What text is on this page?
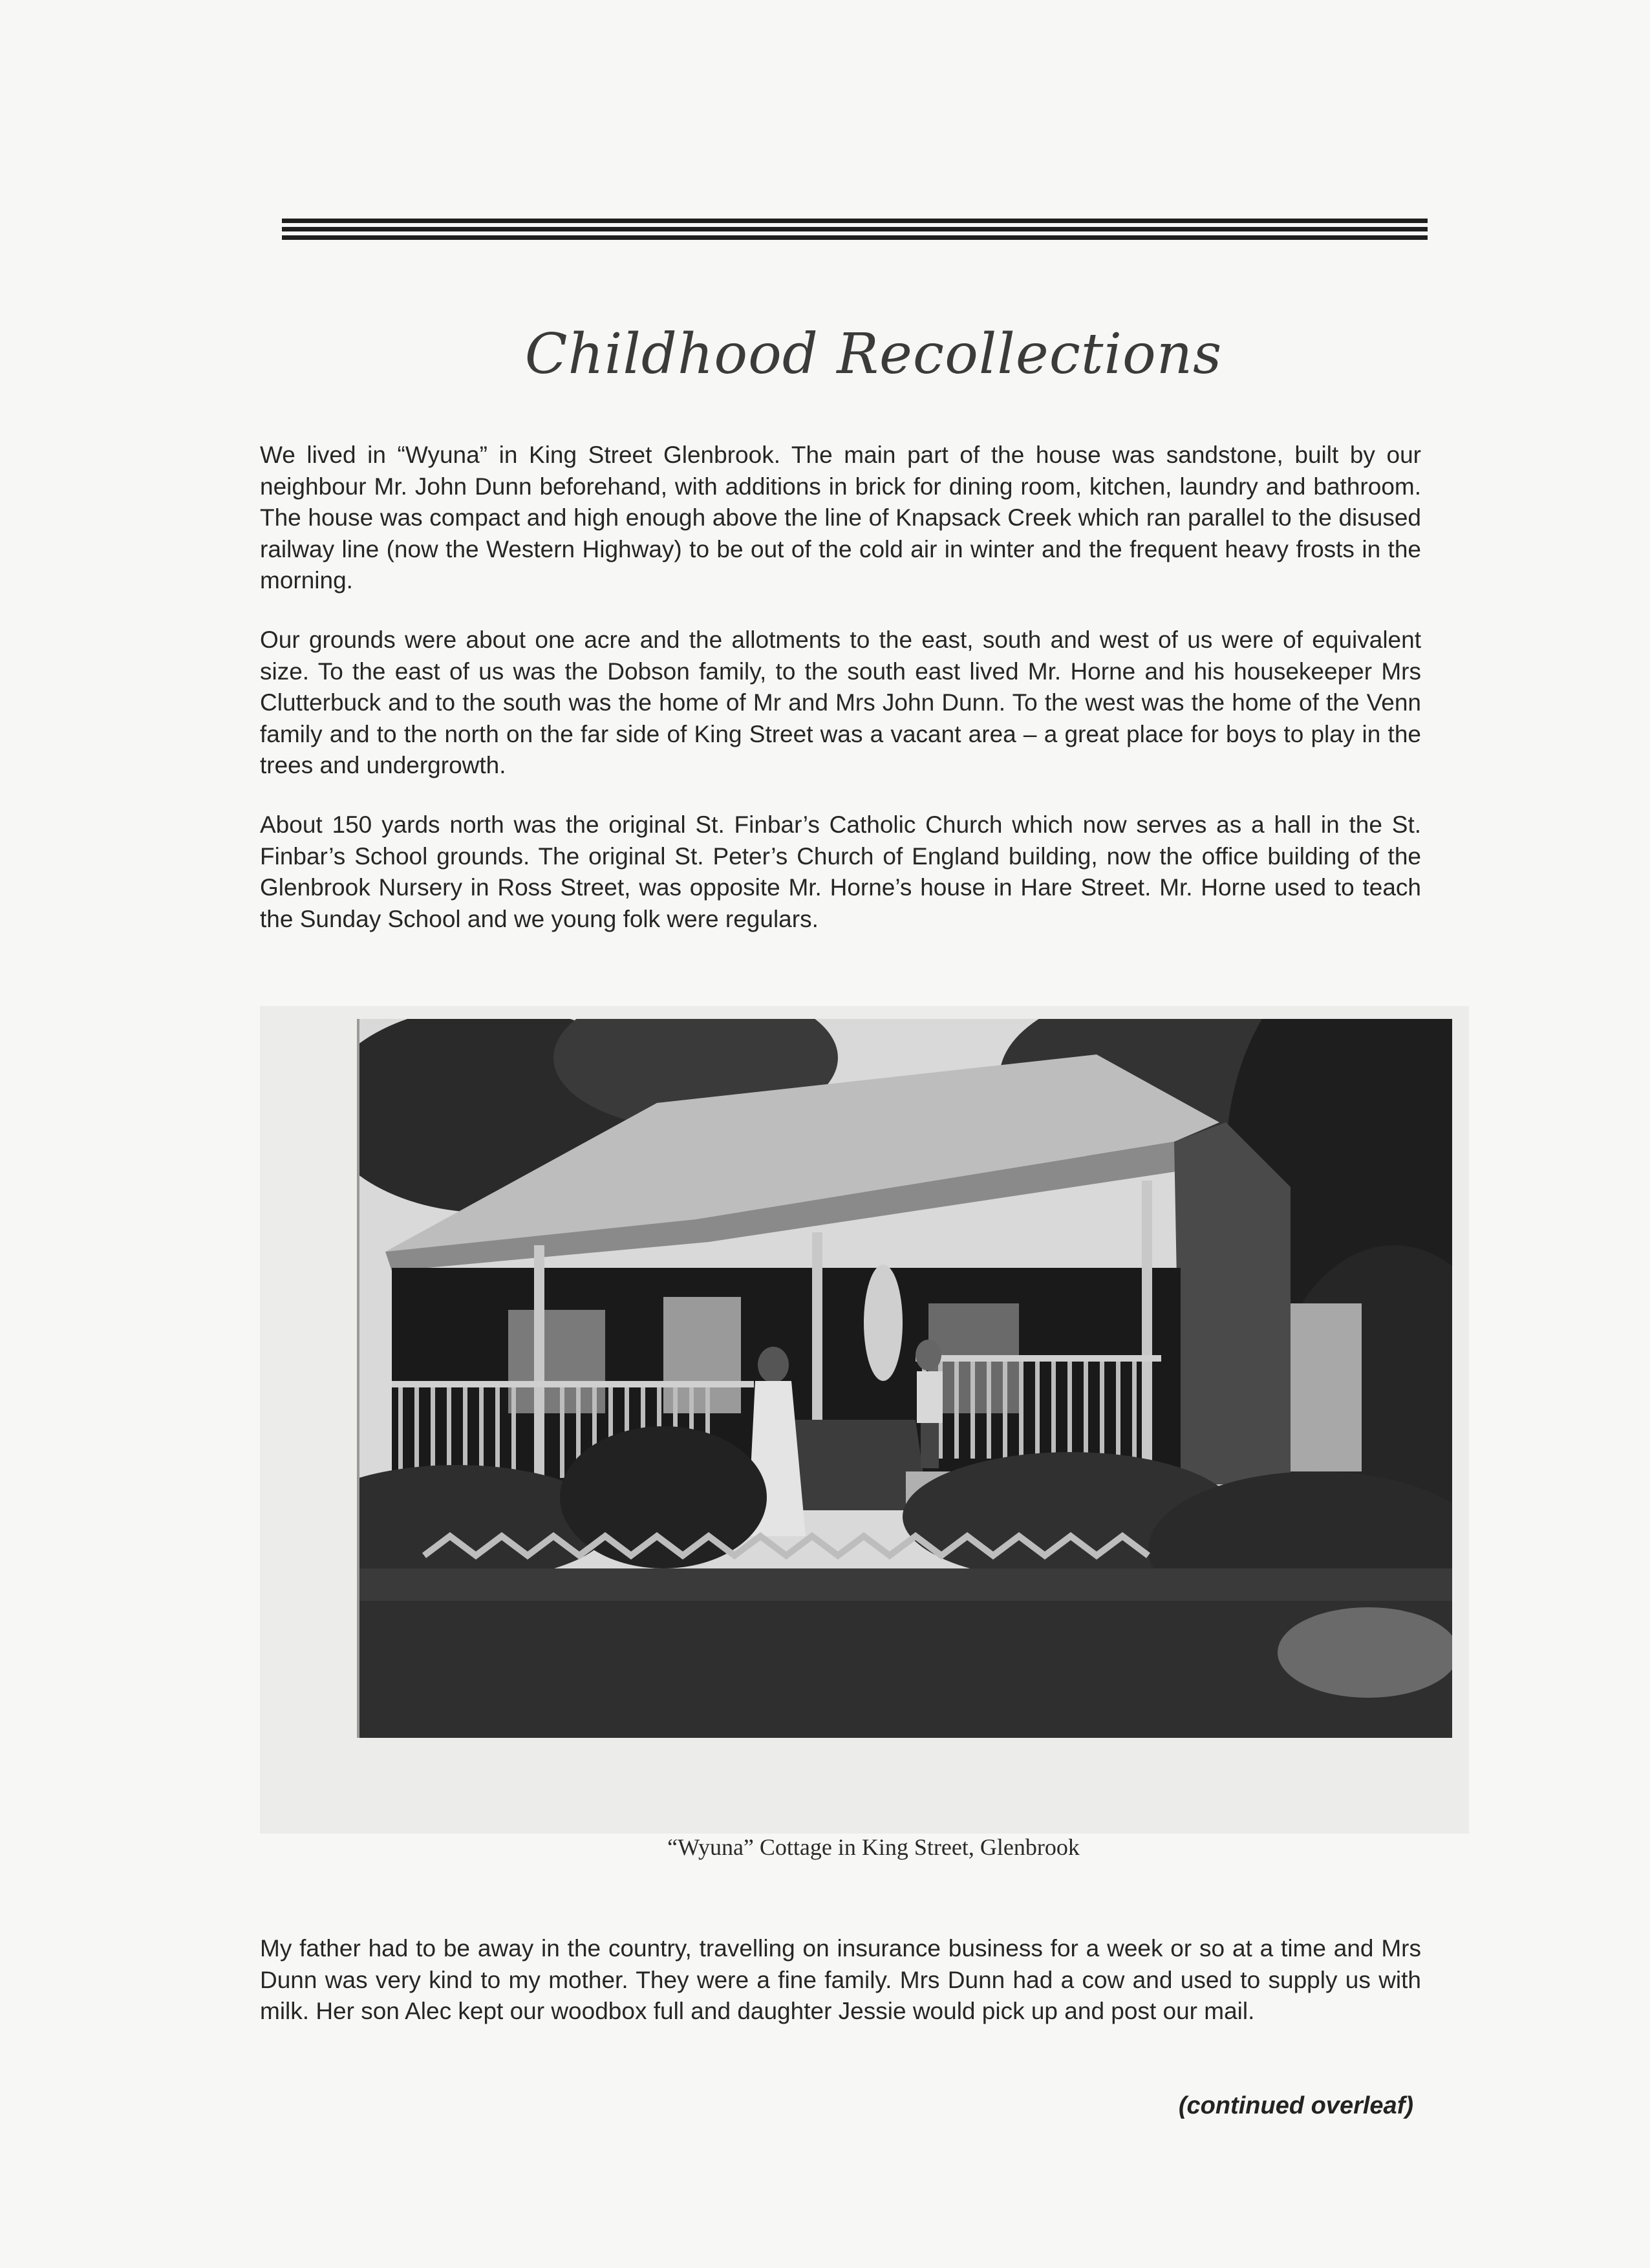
Childhood Recollections

We lived in “Wyuna” in King Street Glenbrook. The main part of the house was sandstone, built by our neighbour Mr. John Dunn beforehand, with additions in brick for dining room, kitchen, laundry and bathroom. The house was compact and high enough above the line of Knapsack Creek which ran parallel to the disused railway line (now the Western Highway) to be out of the cold air in winter and the frequent heavy frosts in the morning.

Our grounds were about one acre and the allotments to the east, south and west of us were of equivalent size. To the east of us was the Dobson family, to the south east lived Mr. Horne and his housekeeper Mrs Clutterbuck and to the south was the home of Mr and Mrs John Dunn. To the west was the home of the Venn family and to the north on the far side of King Street was a vacant area – a great place for boys to play in the trees and undergrowth.

About 150 yards north was the original St. Finbar’s Catholic Church which now serves as a hall in the St. Finbar’s School grounds. The original St. Peter’s Church of England building, now the office building of the Glenbrook Nursery in Ross Street, was opposite Mr. Horne’s house in Hare Street. Mr. Horne used to teach the Sunday School and we young folk were regulars.

“Wyuna” Cottage in King Street, Glenbrook

My father had to be away in the country, travelling on insurance business for a week or so at a time and Mrs Dunn was very kind to my mother. They were a fine family. Mrs Dunn had a cow and used to supply us with milk. Her son Alec kept our woodbox full and daughter Jessie would pick up and post our mail.

(continued overleaf)
